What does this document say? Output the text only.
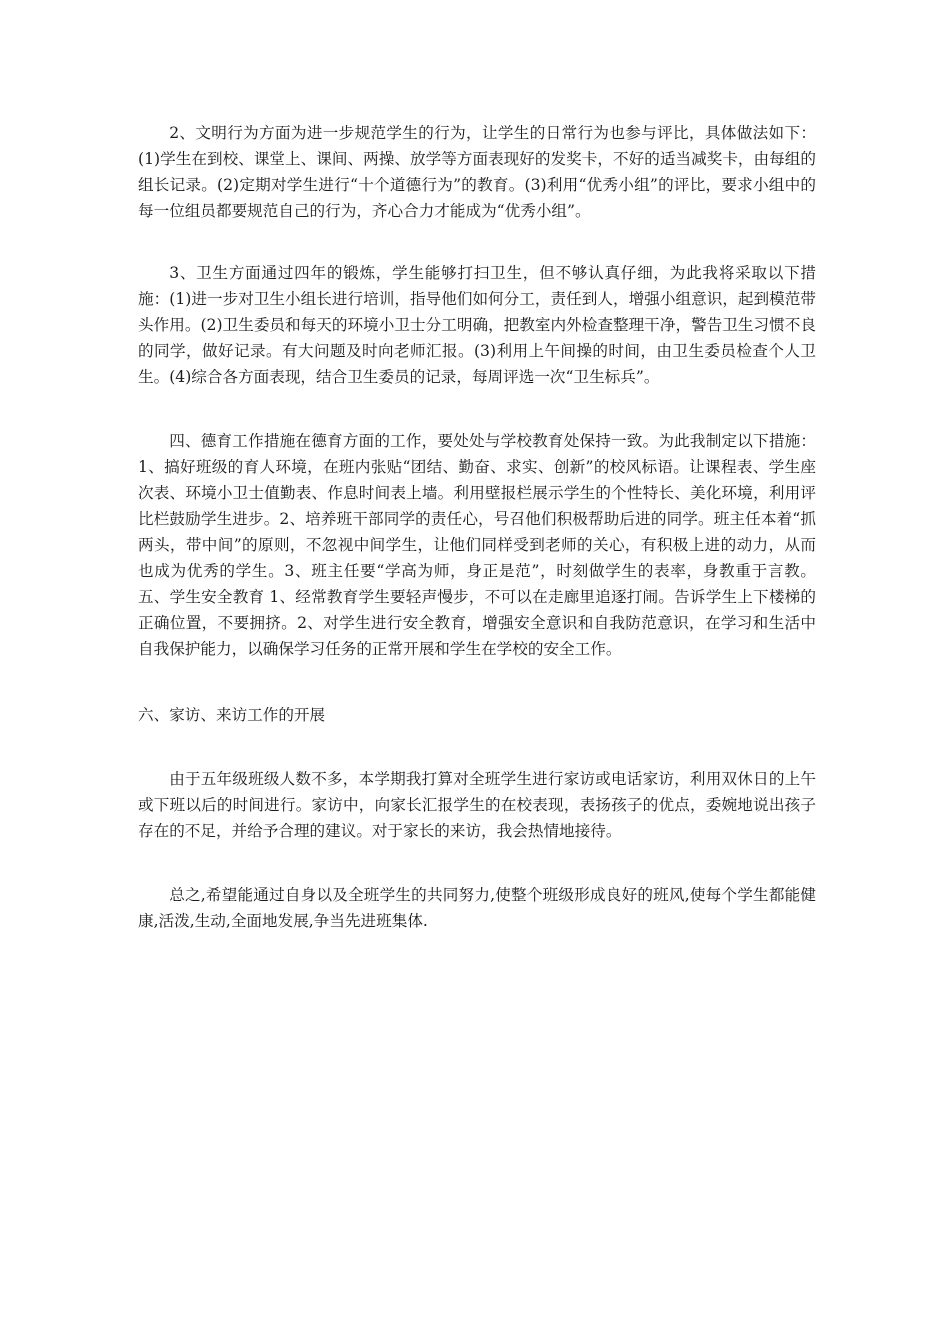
2、文明行为方面为进一步规范学生的行为，让学生的日常行为也参与评比，具体做法如下：(1)学生在到校、课堂上、课间、两操、放学等方面表现好的发奖卡，不好的适当减奖卡，由每组的组长记录。(2)定期对学生进行“十个道德行为”的教育。(3)利用“优秀小组”的评比，要求小组中的每一位组员都要规范自己的行为，齐心合力才能成为“优秀小组”。

3、卫生方面通过四年的锻炼，学生能够打扫卫生，但不够认真仔细，为此我将采取以下措施：(1)进一步对卫生小组长进行培训，指导他们如何分工，责任到人，增强小组意识，起到模范带头作用。(2)卫生委员和每天的环境小卫士分工明确，把教室内外检查整理干净，警告卫生习惯不良的同学，做好记录。有大问题及时向老师汇报。(3)利用上午间操的时间，由卫生委员检查个人卫生。(4)综合各方面表现，结合卫生委员的记录，每周评选一次“卫生标兵”。

四、德育工作措施在德育方面的工作，要处处与学校教育处保持一致。为此我制定以下措施：1、搞好班级的育人环境，在班内张贴“团结、勤奋、求实、创新”的校风标语。让课程表、学生座次表、环境小卫士值勤表、作息时间表上墙。利用壁报栏展示学生的个性特长、美化环境，利用评比栏鼓励学生进步。2、培养班干部同学的责任心，号召他们积极帮助后进的同学。班主任本着“抓两头，带中间”的原则，不忽视中间学生，让他们同样受到老师的关心，有积极上进的动力，从而也成为优秀的学生。3、班主任要“学高为师，身正是范”，时刻做学生的表率，身教重于言教。五、学生安全教育 1、经常教育学生要轻声慢步，不可以在走廊里追逐打闹。告诉学生上下楼梯的正确位置，不要拥挤。2、对学生进行安全教育，增强安全意识和自我防范意识，在学习和生活中自我保护能力，以确保学习任务的正常开展和学生在学校的安全工作。

六、家访、来访工作的开展

由于五年级班级人数不多，本学期我打算对全班学生进行家访或电话家访，利用双休日的上午或下班以后的时间进行。家访中，向家长汇报学生的在校表现，表扬孩子的优点，委婉地说出孩子存在的不足，并给予合理的建议。对于家长的来访，我会热情地接待。

总之,希望能通过自身以及全班学生的共同努力,使整个班级形成良好的班风,使每个学生都能健康,活泼,生动,全面地发展,争当先进班集体.
